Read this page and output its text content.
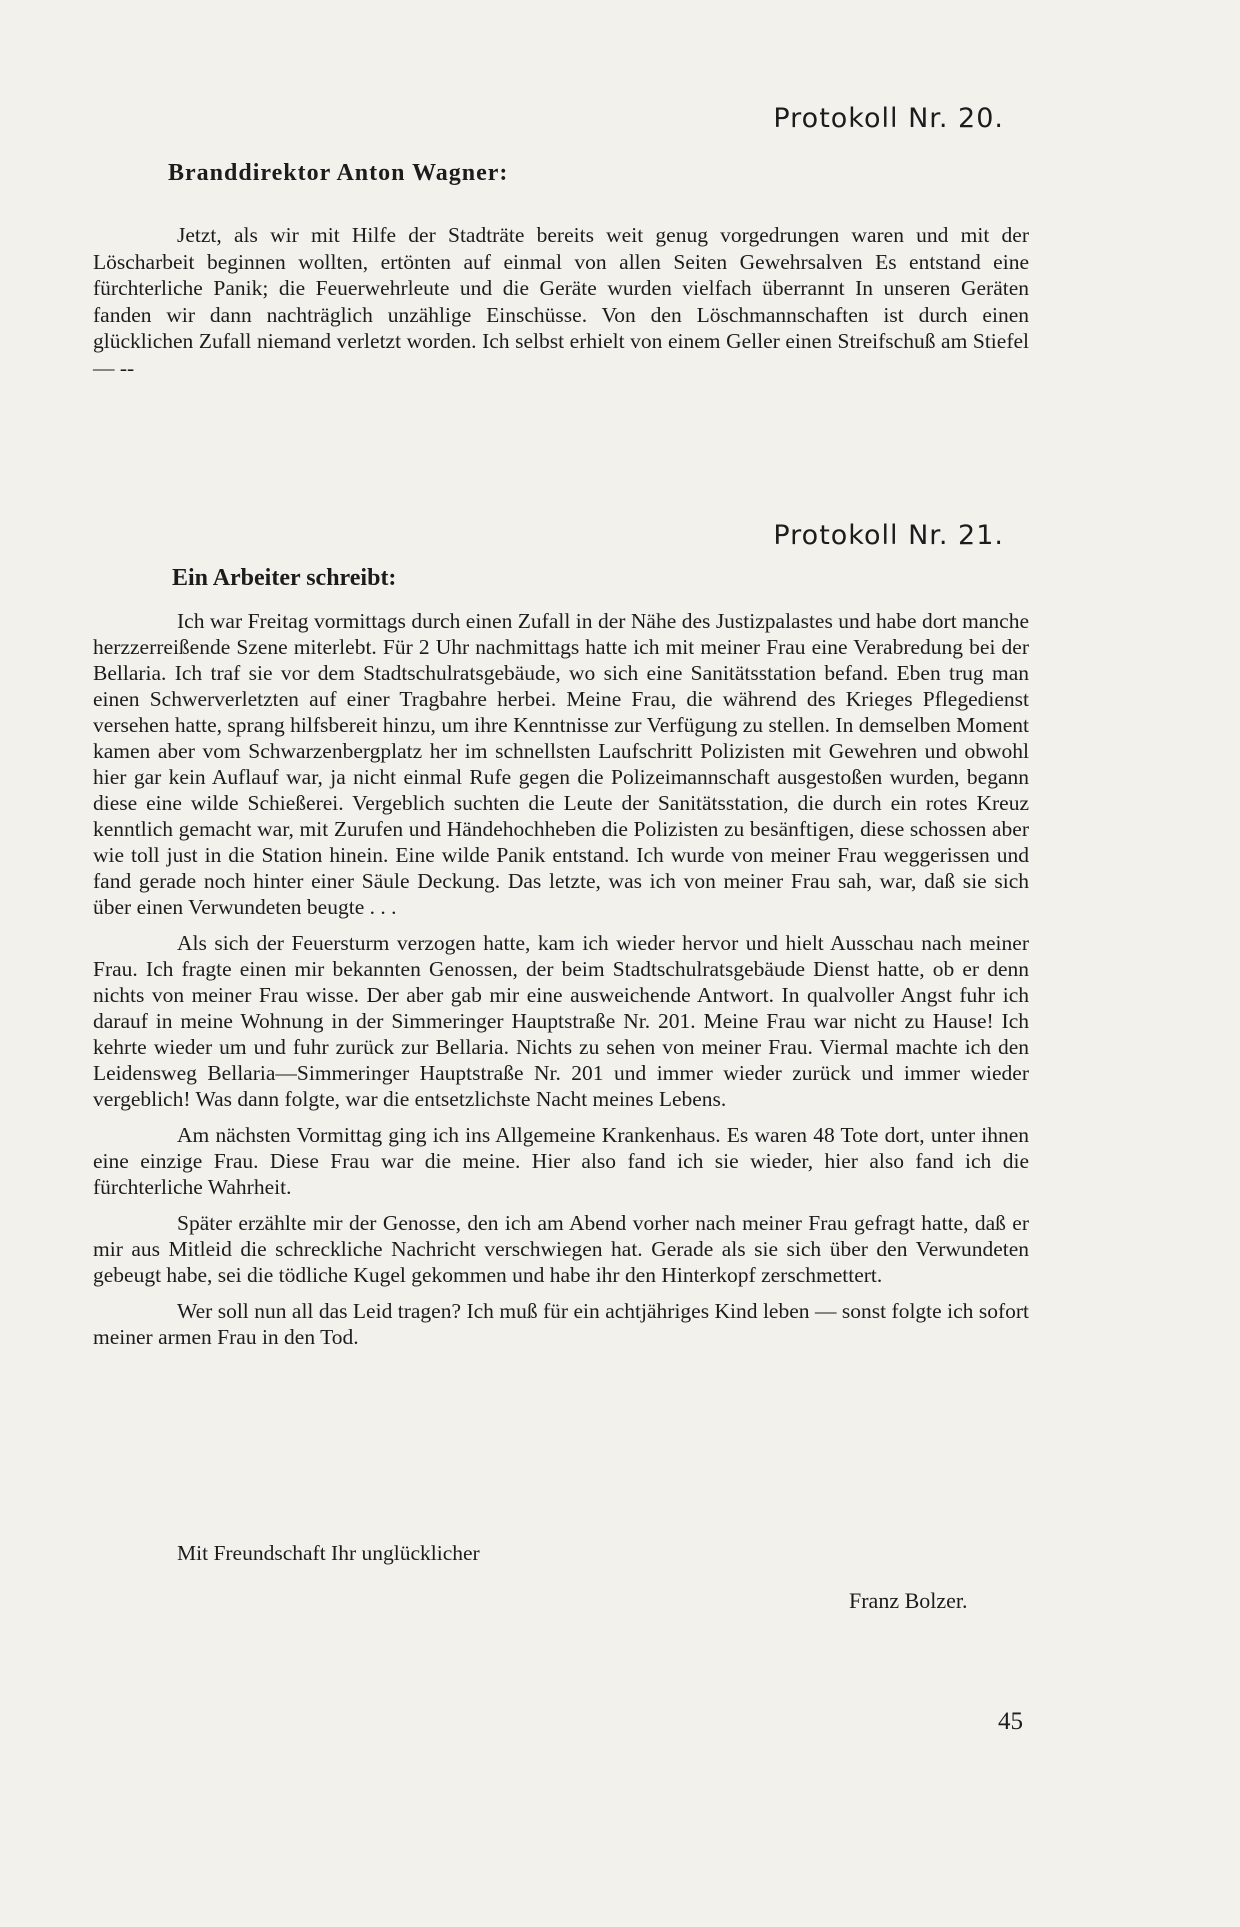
Protokoll Nr. 20.
Branddirektor Anton Wagner:

Jetzt, als wir mit Hilfe der Stadträte bereits weit genug vorgedrungen waren und mit der Löscharbeit beginnen wollten, ertönten auf einmal von allen Seiten Gewehrsalven Es entstand eine fürchterliche Panik; die Feuerwehrleute und die Geräte wurden vielfach überrannt In unseren Geräten fanden wir dann nachträglich unzählige Einschüsse. Von den Löschmannschaften ist durch einen glücklichen Zufall niemand verletzt worden. Ich selbst erhielt von einem Geller einen Streifschuß am Stiefel — --

Protokoll Nr. 21.
Ein Arbeiter schreibt:

Ich war Freitag vormittags durch einen Zufall in der Nähe des Justizpalastes und habe dort manche herzzerreißende Szene miterlebt. Für 2 Uhr nachmittags hatte ich mit meiner Frau eine Verabredung bei der Bellaria. Ich traf sie vor dem Stadtschulratsgebäude, wo sich eine Sanitätsstation befand. Eben trug man einen Schwerverletzten auf einer Tragbahre herbei. Meine Frau, die während des Krieges Pflegedienst versehen hatte, sprang hilfsbereit hinzu, um ihre Kenntnisse zur Verfügung zu stellen. In demselben Moment kamen aber vom Schwarzenbergplatz her im schnellsten Laufschritt Polizisten mit Gewehren und obwohl hier gar kein Auflauf war, ja nicht einmal Rufe gegen die Polizeimannschaft ausgestoßen wurden, begann diese eine wilde Schießerei. Vergeblich suchten die Leute der Sanitätsstation, die durch ein rotes Kreuz kenntlich gemacht war, mit Zurufen und Händehochheben die Polizisten zu besänftigen, diese schossen aber wie toll just in die Station hinein. Eine wilde Panik entstand. Ich wurde von meiner Frau weggerissen und fand gerade noch hinter einer Säule Deckung. Das letzte, was ich von meiner Frau sah, war, daß sie sich über einen Verwundeten beugte . . .

Als sich der Feuersturm verzogen hatte, kam ich wieder hervor und hielt Ausschau nach meiner Frau. Ich fragte einen mir bekannten Genossen, der beim Stadtschulratsgebäude Dienst hatte, ob er denn nichts von meiner Frau wisse. Der aber gab mir eine ausweichende Antwort. In qualvoller Angst fuhr ich darauf in meine Wohnung in der Simmeringer Hauptstraße Nr. 201. Meine Frau war nicht zu Hause! Ich kehrte wieder um und fuhr zurück zur Bellaria. Nichts zu sehen von meiner Frau. Viermal machte ich den Leidensweg Bellaria—Simmeringer Hauptstraße Nr. 201 und immer wieder zurück und immer wieder vergeblich! Was dann folgte, war die entsetzlichste Nacht meines Lebens.

Am nächsten Vormittag ging ich ins Allgemeine Krankenhaus. Es waren 48 Tote dort, unter ihnen eine einzige Frau. Diese Frau war die meine. Hier also fand ich sie wieder, hier also fand ich die fürchterliche Wahrheit.

Später erzählte mir der Genosse, den ich am Abend vorher nach meiner Frau gefragt hatte, daß er mir aus Mitleid die schreckliche Nachricht verschwiegen hat. Gerade als sie sich über den Verwundeten gebeugt habe, sei die tödliche Kugel gekommen und habe ihr den Hinterkopf zerschmettert.

Wer soll nun all das Leid tragen? Ich muß für ein achtjähriges Kind leben — sonst folgte ich sofort meiner armen Frau in den Tod.

Mit Freundschaft Ihr unglücklicher

Franz Bolzer.

45
